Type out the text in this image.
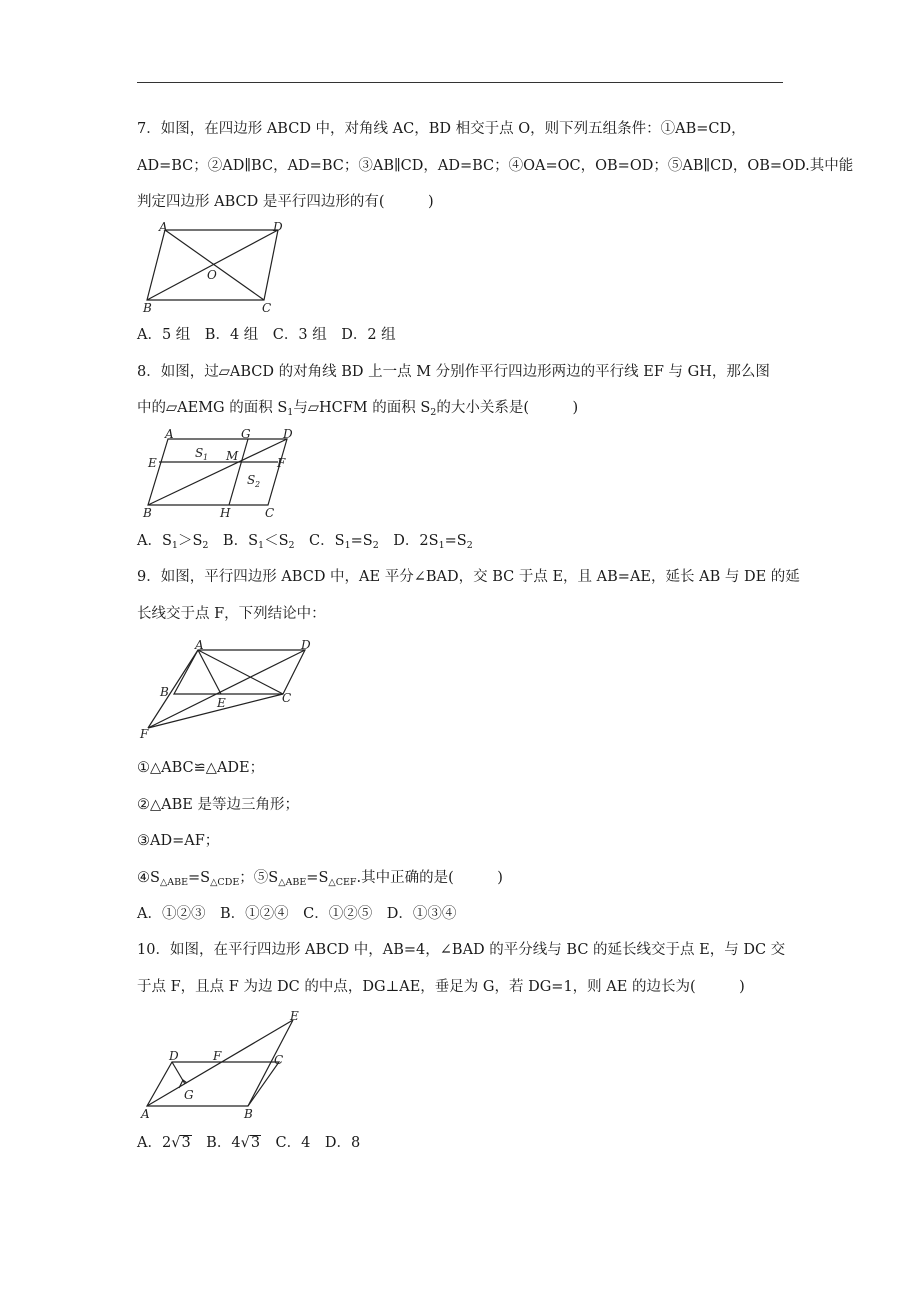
7．如图，在四边形 ABCD 中，对角线 AC，BD 相交于点 O，则下列五组条件：①AB=CD，
AD=BC；②AD∥BC，AD=BC；③AB∥CD，AD=BC；④OA=OC，OB=OD；⑤AB∥CD，OB=OD.其中能
判定四边形 ABCD 是平行四边形的有(　　　)
A	D
O
B	C
A．5 组　B．4 组　C．3 组　D．2 组
8．如图，过▱ABCD 的对角线 BD 上一点 M 分别作平行四边形两边的平行线 EF 与 GH，那么图
中的▱AEMG 的面积 $S_1$与▱HCFM 的面积 $S_2$的大小关系是(　　　)
A	G	D
E	M	F
S 1
S 2
B	H	C
A．$S_1>S_2$　B．$S_1<S_2$　C．$S_1=S_2$　D．$2S_1=S_2$
9．如图，平行四边形 ABCD 中，AE 平分∠BAD，交 BC 于点 E，且 AB=AE，延长 AB 与 DE 的延
长线交于点 F，下列结论中：
A	D
B
E	C
F
①△ABC≌△ADE；
②△ABE 是等边三角形；
③AD=AF；
$④S_{\triangle ABE}=S_{\triangle CDE}$；$⑤S_{\triangle ABE}=S_{\triangle CEF}$.其中正确的是(　　　)
A．①②③　B．①②④　C．①②⑤　D．①③④
10．如图，在平行四边形 ABCD 中，AB=4，∠BAD 的平分线与 BC 的延长线交于点 E，与 DC 交
于点 F，且点 F 为边 DC 的中点，DG⊥AE，垂足为 G，若 DG=1，则 AE 的边长为(　　　)
E
D	F	C
G
A	B
A．2√3　B．4√3　C．4　D．8
